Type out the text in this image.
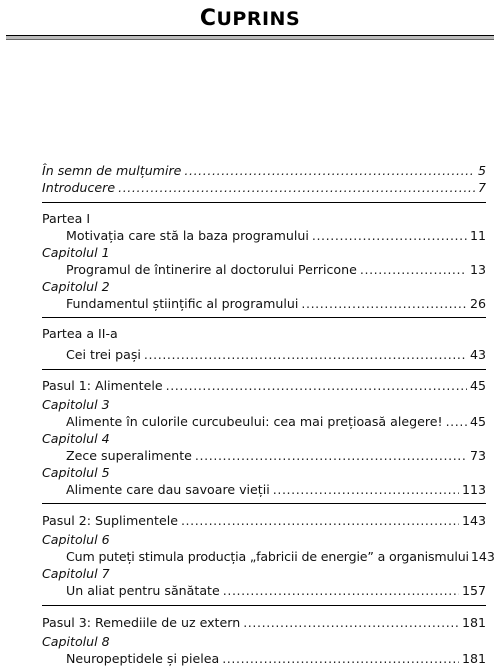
CUPRINS
În semn de mulțumire .....	5
Introducere .....	7
Partea I
Motivația care stă la baza programului .....	11
Capitolul 1
Programul de întinerire al doctorului Perricone .....	13
Capitolul 2
Fundamentul științific al programului .....	26
Partea a II-a
Cei trei pași .....	43
Pasul 1: Alimentele .....	45
Capitolul 3
Alimente în culorile curcubeului: cea mai prețioasă alegere! ..... 45
Capitolul 4
Zece superalimente .....	73
Capitolul 5
Alimente care dau savoare vieții .....	113
Pasul 2: Suplimentele .....	143
Capitolul 6
Cum puteți stimula producția „fabricii de energie” a organismului 143
Capitolul 7
Un aliat pentru sănătate .....	157
Pasul 3: Remediile de uz extern .....	181
Capitolul 8
Neuropeptidele și pielea .....	181
